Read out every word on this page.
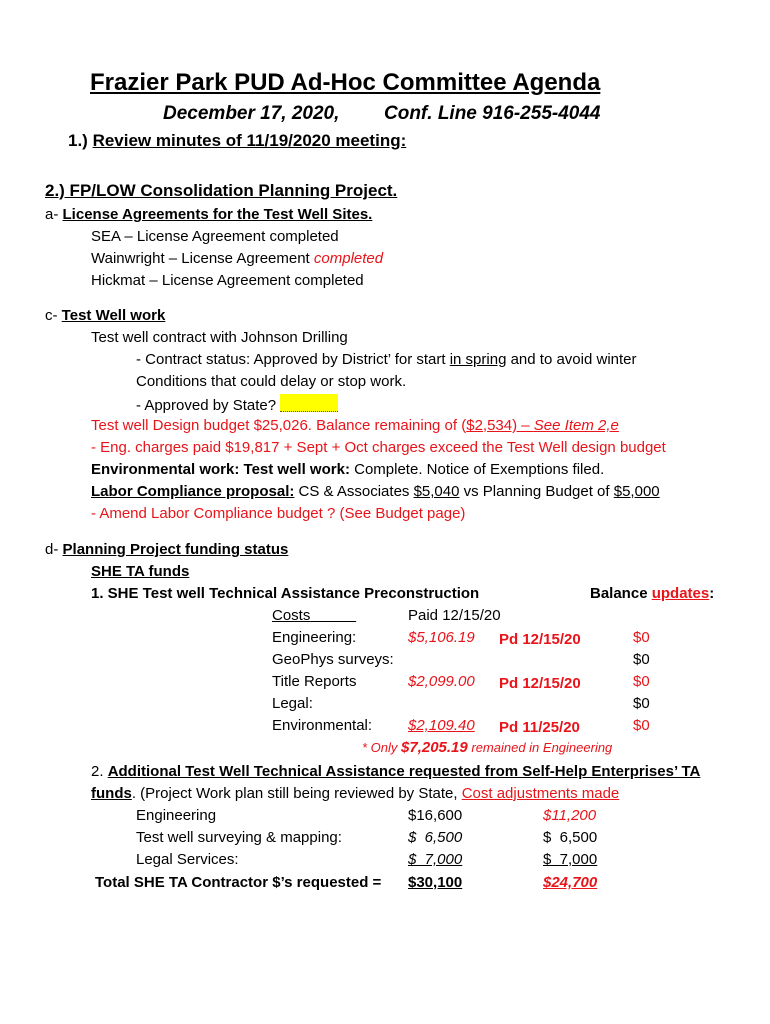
Frazier Park PUD Ad-Hoc Committee Agenda
December 17, 2020, Conf. Line 916-255-4044
1.) Review minutes of 11/19/2020 meeting:
2.) FP/LOW Consolidation Planning Project.
a- License Agreements for the Test Well Sites.
SEA – License Agreement completed
Wainwright – License Agreement completed
Hickmat – License Agreement completed
c- Test Well work
Test well contract with Johnson Drilling
- Contract status: Approved by District’ for start in spring and to avoid winter
Conditions that could delay or stop work.
- Approved by State?
Test well Design budget $25,026. Balance remaining of ($2,534) – See Item 2,e
- Eng. charges paid $19,817 + Sept + Oct charges exceed the Test Well design budget
Environmental work: Test well work: Complete. Notice of Exemptions filed.
Labor Compliance proposal: CS & Associates $5,040 vs Planning Budget of $5,000
- Amend Labor Compliance budget ? (See Budget page)
d- Planning Project funding status
SHE TA funds
1. SHE Test well Technical Assistance Preconstruction	Balance updates:
Costs	Paid 12/15/20
Engineering:	$5,106.19 Pd 12/15/20	$0
GeoPhys surveys:	$0
Title Reports	$2,099.00 Pd 12/15/20	$0
Legal:	$0
Environmental: $2,109.40 Pd 11/25/20	$0
* Only $7,205.19 remained in Engineering
2. Additional Test Well Technical Assistance requested from Self-Help Enterprises’ TA
funds. (Project Work plan still being reviewed by State, Cost adjustments made
Engineering	$16,600	$11,200
Test well surveying & mapping:	$  6,500	$  6,500
Legal Services:	$  7,000	$  7,000
Total SHE TA Contractor $’s requested = $30,100	$24,700
